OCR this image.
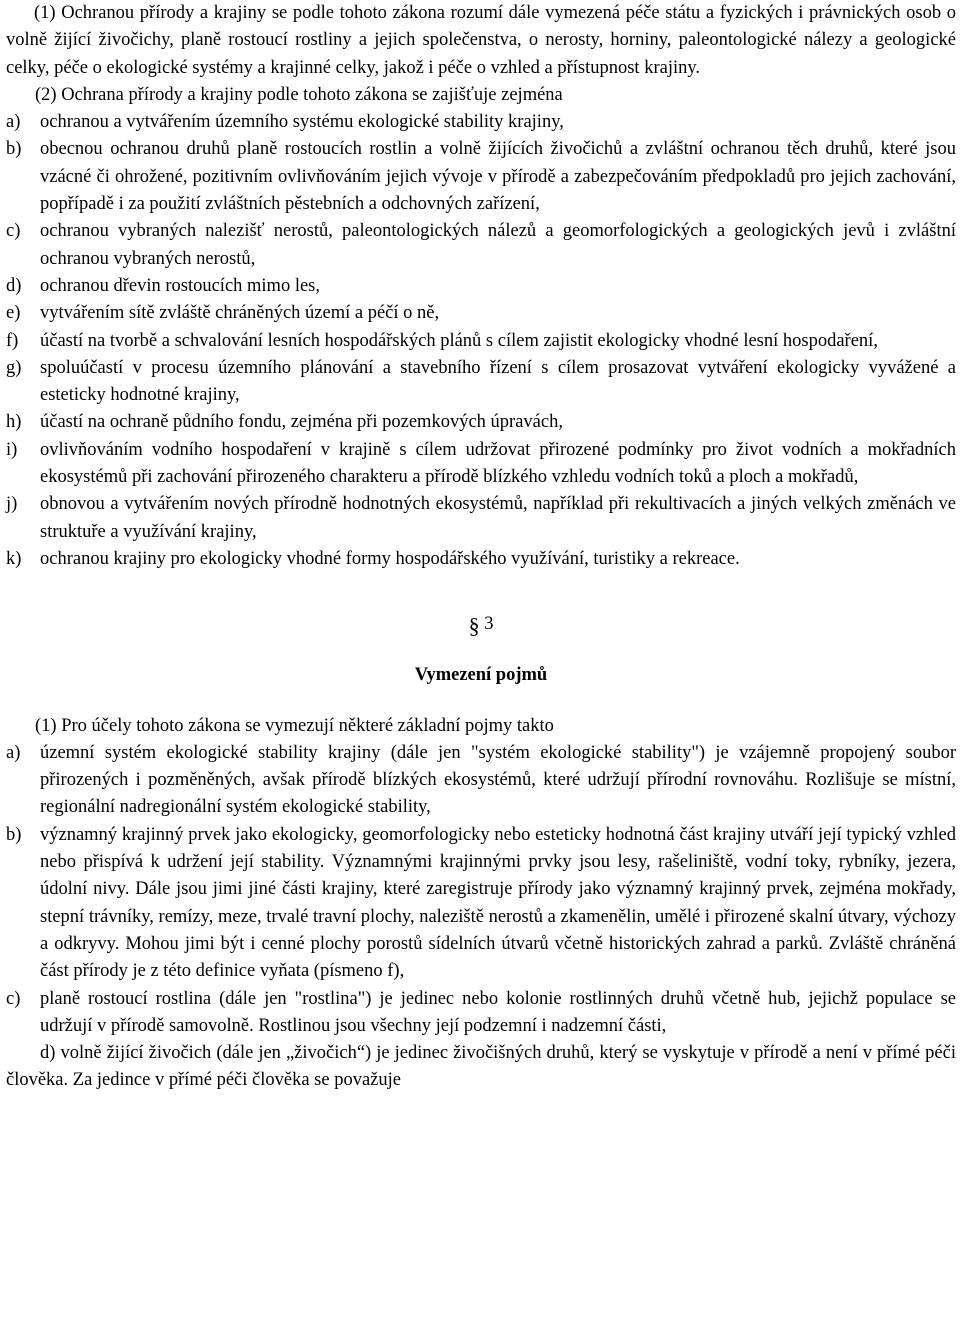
(1) Ochranou přírody a krajiny se podle tohoto zákona rozumí dále vymezená péče státu a fyzických i právnických osob o volně žijící živočichy, planě rostoucí rostliny a jejich společenstva, o nerosty, horniny, paleontologické nálezy a geologické celky, péče o ekologické systémy a krajinné celky, jakož i péče o vzhled a přístupnost krajiny.

(2) Ochrana přírody a krajiny podle tohoto zákona se zajišťuje zejména

a)	ochranou a vytvářením územního systému ekologické stability krajiny,
b)	obecnou ochranou druhů planě rostoucích rostlin a volně žijících živočichů a zvláštní ochranou těch druhů, které jsou vzácné či ohrožené, pozitivním ovlivňováním jejich vývoje v přírodě a zabezpečováním předpokladů pro jejich zachování, popřípadě i za použití zvláštních pěstebních a odchovných zařízení,
c)	ochranou vybraných nalezišť nerostů, paleontologických nálezů a geomorfologických a geologických jevů i zvláštní ochranou vybraných nerostů,
d)	ochranou dřevin rostoucích mimo les,
e)	vytvářením sítě zvláště chráněných území a péčí o ně,
f)	účastí na tvorbě a schvalování lesních hospodářských plánů s cílem zajistit ekologicky vhodné lesní hospodaření,
g)	spoluúčastí v procesu územního plánování a stavebního řízení s cílem prosazovat vytváření ekologicky vyvážené a esteticky hodnotné krajiny,
h)	účastí na ochraně půdního fondu, zejména při pozemkových úpravách,
i)	ovlivňováním vodního hospodaření v krajině s cílem udržovat přirozené podmínky pro život vodních a mokřadních ekosystémů při zachování přirozeného charakteru a přírodě blízkého vzhledu vodních toků a ploch a mokřadů,
j)	obnovou a vytvářením nových přírodně hodnotných ekosystémů, například při rekultivacích a jiných velkých změnách ve struktuře a využívání krajiny,
k)	ochranou krajiny pro ekologicky vhodné formy hospodářského využívání, turistiky a rekreace.
§ 3
Vymezení pojmů

(1) Pro účely tohoto zákona se vymezují některé základní pojmy takto

a)	územní systém ekologické stability krajiny (dále jen "systém ekologické stability") je vzájemně propojený soubor přirozených i pozměněných, avšak přírodě blízkých ekosystémů, které udržují přírodní rovnováhu. Rozlišuje se místní, regionální nadregionální systém ekologické stability,
b)	významný krajinný prvek jako ekologicky, geomorfologicky nebo esteticky hodnotná část krajiny utváří její typický vzhled nebo přispívá k udržení její stability. Významnými krajinnými prvky jsou lesy, rašeliniště, vodní toky, rybníky, jezera, údolní nivy. Dále jsou jimi jiné části krajiny, které zaregistruje přírody jako významný krajinný prvek, zejména mokřady, stepní trávníky, remízy, meze, trvalé travní plochy, naleziště nerostů a zkamenělin, umělé i přirozené skalní útvary, výchozy a odkryvy. Mohou jimi být i cenné plochy porostů sídelních útvarů včetně historických zahrad a parků. Zvláště chráněná část přírody je z této definice vyňata (písmeno f),
c)	planě rostoucí rostlina (dále jen "rostlina") je jedinec nebo kolonie rostlinných druhů včetně hub, jejichž populace se udržují v přírodě samovolně. Rostlinou jsou všechny její podzemní i nadzemní části,

d) volně žijící živočich (dále jen „živočich“) je jedinec živočišných druhů, který se vyskytuje v přírodě a není v přímé péči člověka. Za jedince v přímé péči člověka se považuje
